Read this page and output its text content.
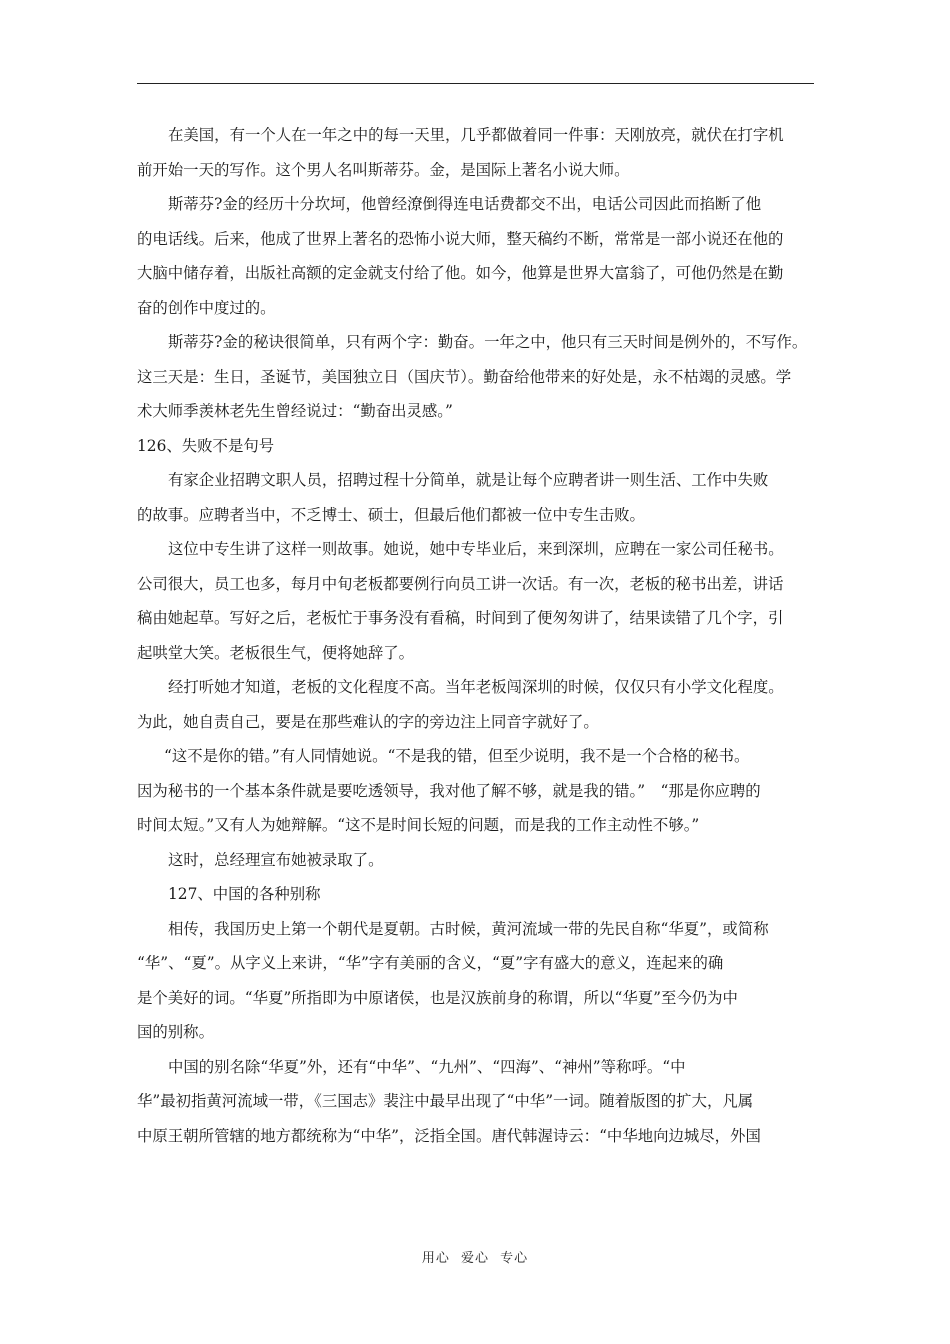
在美国，有一个人在一年之中的每一天里，几乎都做着同一件事：天刚放亮，就伏在打字机
前开始一天的写作。这个男人名叫斯蒂芬。金，是国际上著名小说大师。
斯蒂芬?金的经历十分坎坷，他曾经潦倒得连电话费都交不出，电话公司因此而掐断了他
的电话线。后来，他成了世界上著名的恐怖小说大师，整天稿约不断，常常是一部小说还在他的
大脑中储存着，出版社高额的定金就支付给了他。如今，他算是世界大富翁了，可他仍然是在勤
奋的创作中度过的。
斯蒂芬?金的秘诀很简单，只有两个字：勤奋。一年之中，他只有三天时间是例外的，不写作。
这三天是：生日，圣诞节，美国独立日（国庆节）。勤奋给他带来的好处是，永不枯竭的灵感。学
术大师季羡林老先生曾经说过：“勤奋出灵感。”
126、失败不是句号
有家企业招聘文职人员，招聘过程十分简单，就是让每个应聘者讲一则生活、工作中失败
的故事。应聘者当中，不乏博士、硕士，但最后他们都被一位中专生击败。
这位中专生讲了这样一则故事。她说，她中专毕业后，来到深圳，应聘在一家公司任秘书。
公司很大，员工也多，每月中旬老板都要例行向员工讲一次话。有一次，老板的秘书出差，讲话
稿由她起草。写好之后，老板忙于事务没有看稿，时间到了便匆匆讲了，结果读错了几个字，引
起哄堂大笑。老板很生气，便将她辞了。
经打听她才知道，老板的文化程度不高。当年老板闯深圳的时候，仅仅只有小学文化程度。
为此，她自责自己，要是在那些难认的字的旁边注上同音字就好了。
“这不是你的错。”有人同情她说。“不是我的错，但至少说明，我不是一个合格的秘书。
因为秘书的一个基本条件就是要吃透领导，我对他了解不够，就是我的错。”　“那是你应聘的
时间太短。”又有人为她辩解。“这不是时间长短的问题，而是我的工作主动性不够。”
这时，总经理宣布她被录取了。
127、中国的各种别称
相传，我国历史上第一个朝代是夏朝。古时候，黄河流域一带的先民自称“华夏”，或简称
“华”、“夏”。从字义上来讲，“华”字有美丽的含义，“夏”字有盛大的意义，连起来的确
是个美好的词。“华夏”所指即为中原诸侯，也是汉族前身的称谓，所以“华夏”至今仍为中
国的别称。
中国的别名除“华夏”外，还有“中华”、“九州”、“四海”、“神州”等称呼。“中
华”最初指黄河流域一带，《三国志》裴注中最早出现了“中华”一词。随着版图的扩大，凡属
中原王朝所管辖的地方都统称为“中华”，泛指全国。唐代韩渥诗云：“中华地向边城尽，外国
用心 爱心 专心
